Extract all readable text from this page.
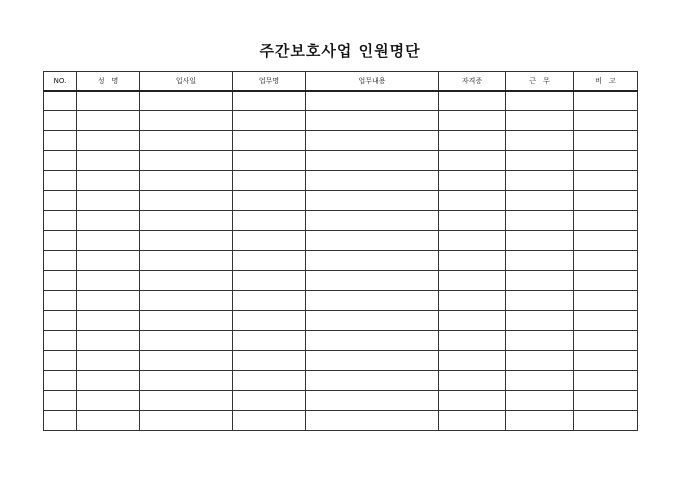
주간보호사업 인원명단
NO.	성　명	입사일	업무명	업무내용	자격증	근　무	비　고
